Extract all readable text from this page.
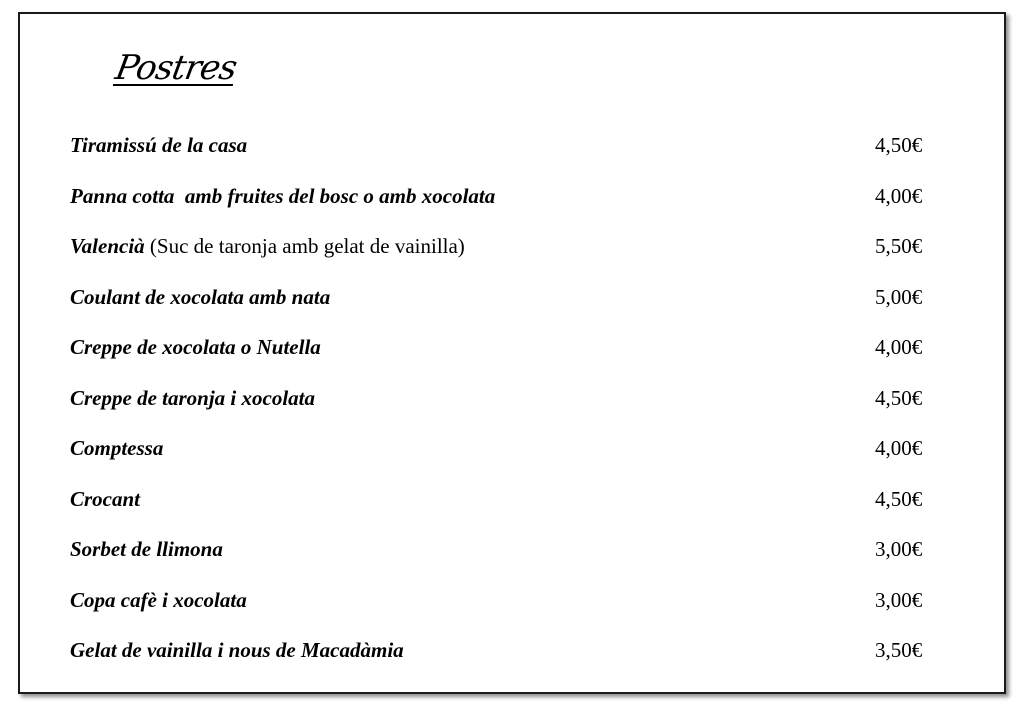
Postres
Tiramissú de la casa	4,50€
Panna cotta  amb fruites del bosc o amb xocolata	4,00€
Valencià (Suc de taronja amb gelat de vainilla)	5,50€
Coulant de xocolata amb nata	5,00€
Creppe de xocolata o Nutella	4,00€
Creppe de taronja i xocolata	4,50€
Comptessa	4,00€
Crocant	4,50€
Sorbet de llimona	3,00€
Copa cafè i xocolata	3,00€
Gelat de vainilla i nous de Macadàmia	3,50€
